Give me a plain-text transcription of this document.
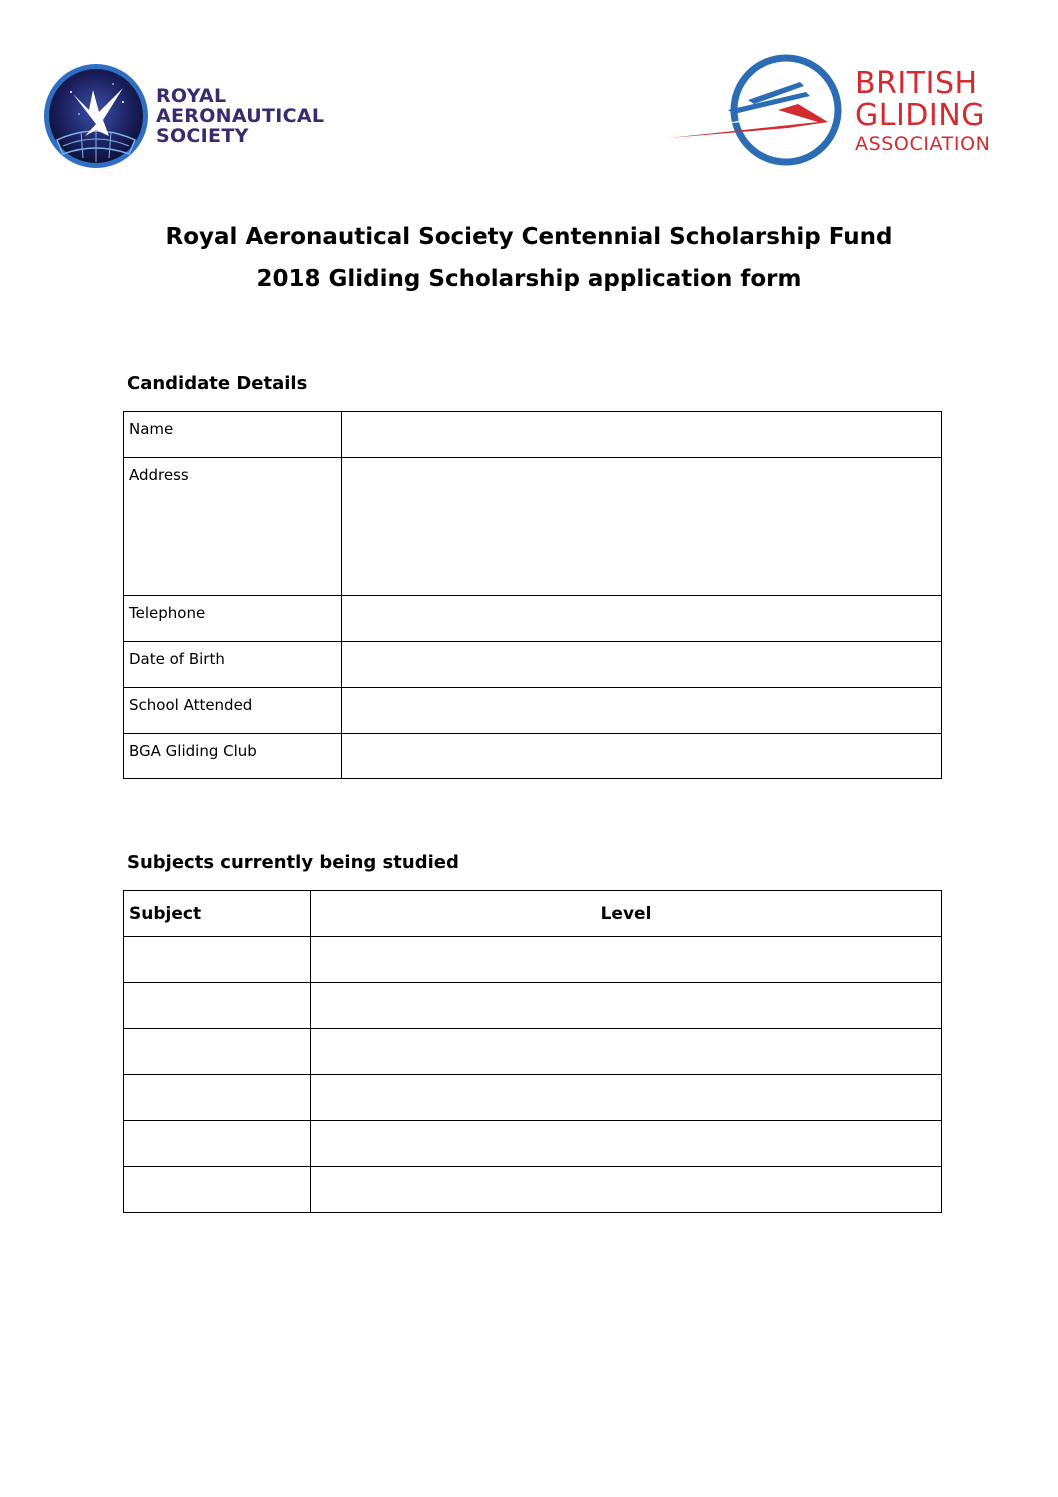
ROYAL
AERONAUTICAL
SOCIETY
BRITISH
GLIDING
ASSOCIATION
Royal Aeronautical Society Centennial Scholarship Fund
2018 Gliding Scholarship application form
Candidate Details
Name	

Address	

Telephone	

Date of Birth	

School Attended	

BGA Gliding Club	

Subjects currently being studied
Subject	Level
